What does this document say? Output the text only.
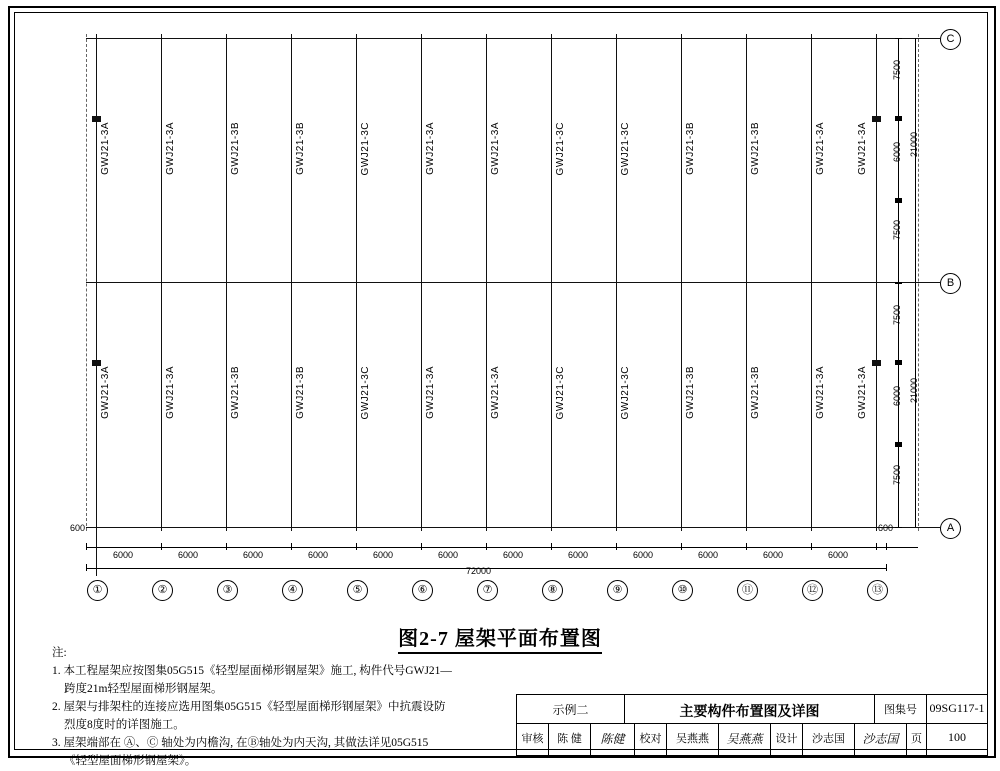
GWJ21-3A	GWJ21-3A	GWJ21-3B	GWJ21-3B	GWJ21-3C	GWJ21-3A	GWJ21-3A	GWJ21-3C	GWJ21-3C	GWJ21-3B	GWJ21-3B	GWJ21-3A	GWJ21-3A
GWJ21-3A	GWJ21-3A	GWJ21-3B	GWJ21-3B	GWJ21-3C	GWJ21-3A	GWJ21-3A	GWJ21-3C	GWJ21-3C	GWJ21-3B	GWJ21-3B	GWJ21-3A	GWJ21-3A
7500
6000
7500
21000
7500
6000
7500
21000
C
B
A
600	600
6000	6000	6000	6000	6000	6000	6000	6000	6000	6000	6000	6000
72000
①	②	③	④	⑤	⑥	⑦	⑧	⑨	⑩	⑪	⑫	⑬
图2-7 屋架平面布置图
注:
1. 本工程屋架应按图集05G515《轻型屋面梯形钢屋架》施工, 构件代号GWJ21—
跨度21m轻型屋面梯形钢屋架。
2. 屋架与排架柱的连接应选用图集05G515《轻型屋面梯形钢屋架》中抗震设防
烈度8度时的详图施工。
3. 屋架端部在 Ⓐ、Ⓒ 轴处为内檐沟, 在Ⓑ轴处为内天沟, 其做法详见05G515
《轻型屋面梯形钢屋架》。
示例二	主要构件布置图及详图	图集号	09SG117-1
审核	陈 健	陈健	校对	吴燕燕	吴燕燕	设计	沙志国	沙志国	页	100
